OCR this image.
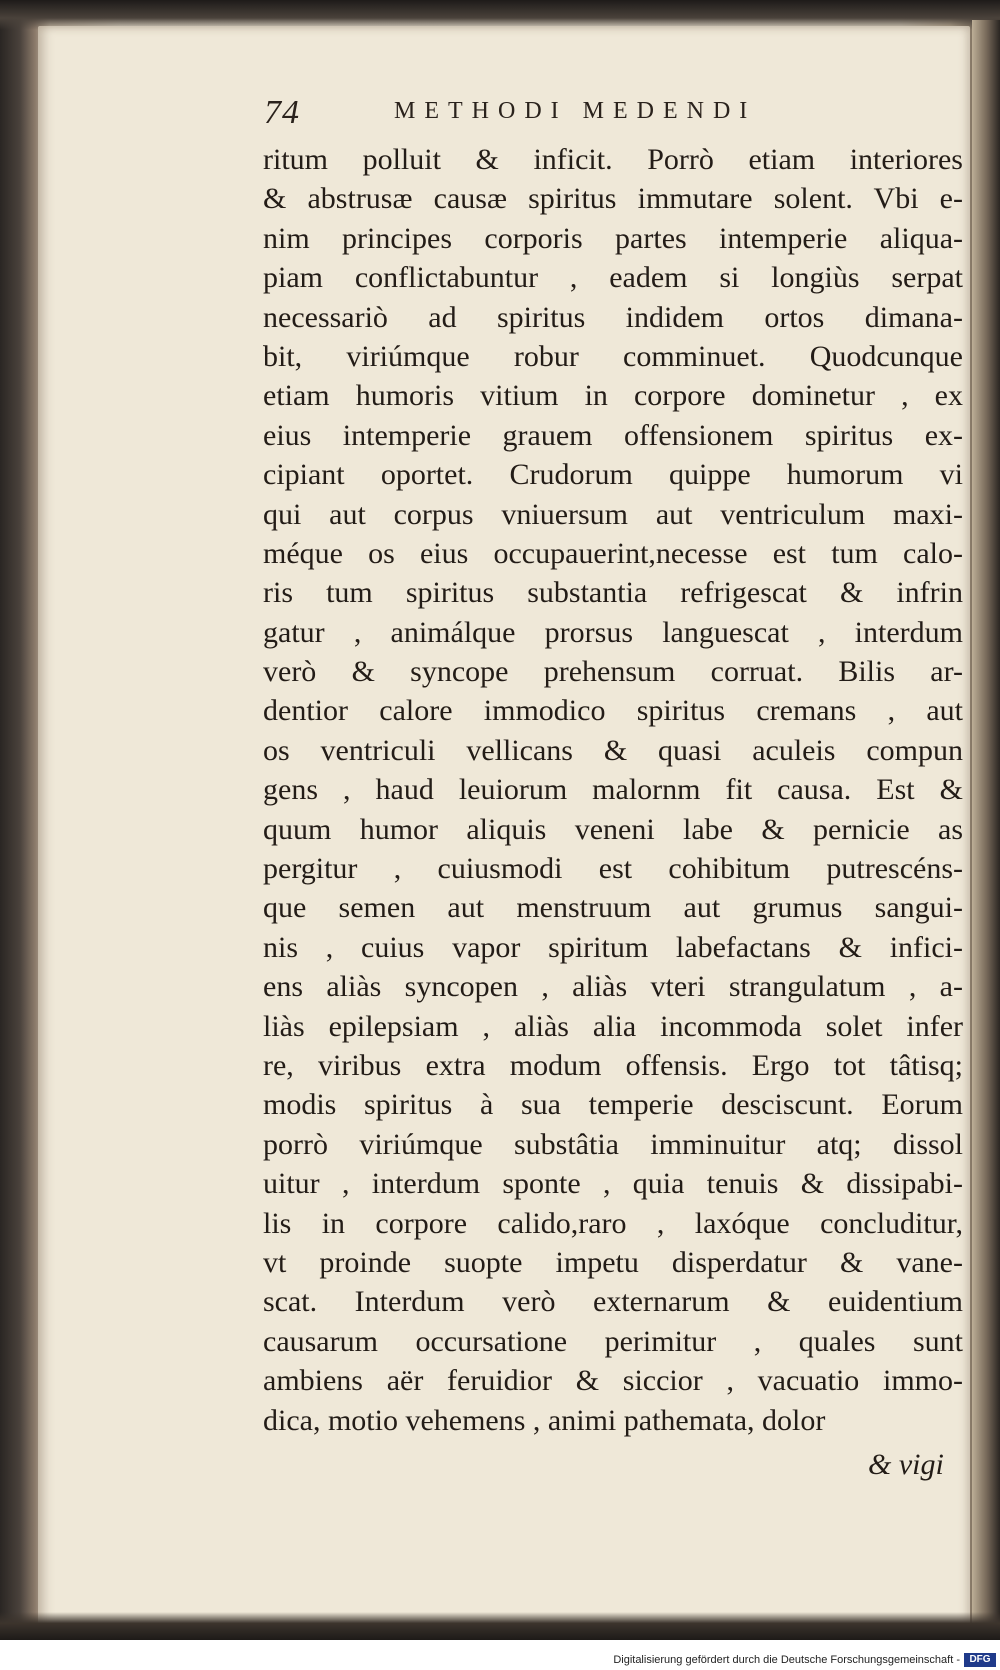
74	METHODI MEDENDI
ritum polluit & inficit. Porrò etiam interiores
& abstrusæ causæ spiritus immutare solent. Vbi e-
nim principes corporis partes intemperie aliqua-
piam conflictabuntur , eadem si longiùs serpat
necessariò ad spiritus indidem ortos dimana-
bit, viriúmque robur comminuet. Quodcunque
etiam humoris vitium in corpore dominetur , ex
eius intemperie grauem offensionem spiritus ex-
cipiant oportet. Crudorum quippe humorum vi
qui aut corpus vniuersum aut ventriculum maxi-
méque os eius occupauerint,necesse est tum calo-
ris tum spiritus substantia refrigescat & infrin
gatur , animálque prorsus languescat , interdum
verò & syncope prehensum corruat. Bilis ar-
dentior calore immodico spiritus cremans , aut
os ventriculi vellicans & quasi aculeis compun
gens , haud leuiorum malornm fit causa. Est &
quum humor aliquis veneni labe & pernicie as
pergitur , cuiusmodi est cohibitum putrescéns-
que semen aut menstruum aut grumus sangui-
nis , cuius vapor spiritum labefactans & infici-
ens aliàs syncopen , aliàs vteri strangulatum , a-
liàs epilepsiam , aliàs alia incommoda solet infer
re, viribus extra modum offensis. Ergo tot tâtisq;
modis spiritus à sua temperie desciscunt. Eorum
porrò viriúmque substâtia imminuitur atq; dissol
uitur , interdum sponte , quia tenuis & dissipabi-
lis in corpore calido,raro , laxóque concluditur,
vt proinde suopte impetu disperdatur & vane-
scat. Interdum verò externarum & euidentium
causarum occursatione perimitur , quales sunt
ambiens aër feruidior & siccior , vacuatio immo-
dica, motio vehemens , animi pathemata, dolor
& vigi
Digitalisierung gefördert durch die Deutsche Forschungsgemeinschaft - DFG
